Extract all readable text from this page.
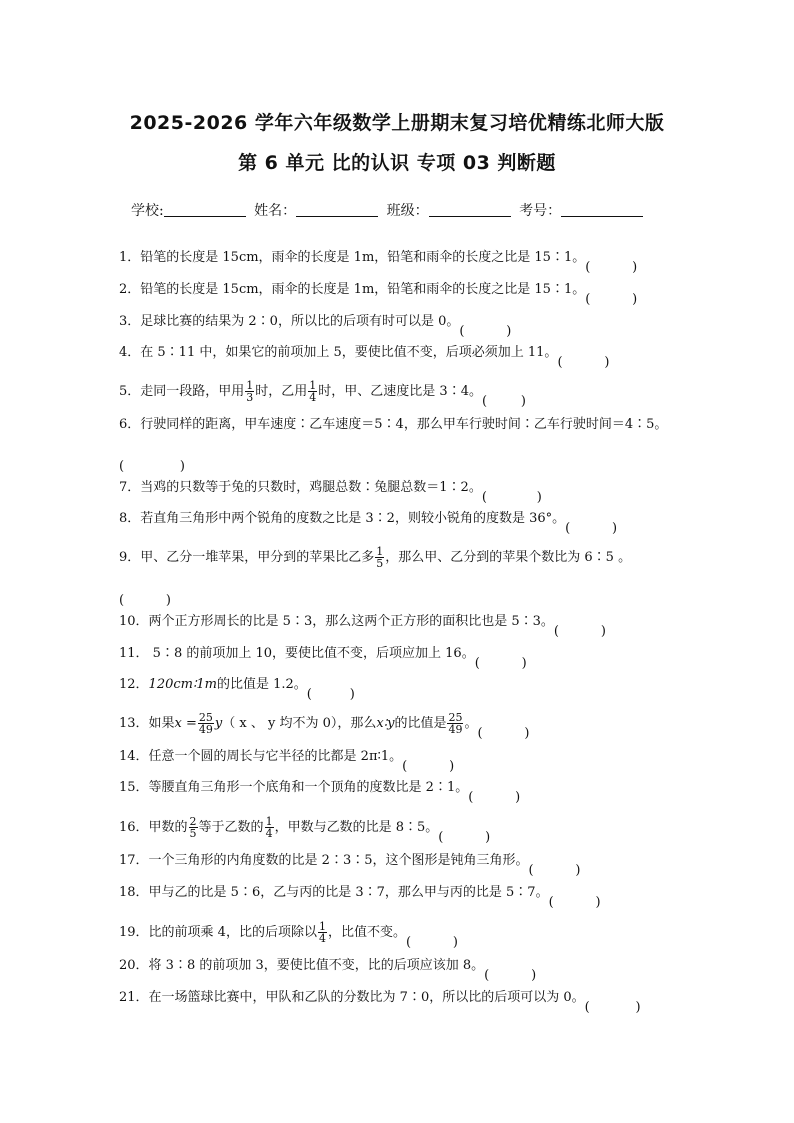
2025-2026 学年六年级数学上册期末复习培优精练北师大版
第 6 单元 比的认识 专项 03 判断题
学校:	姓名：	班级：	考号：
1．铅笔的长度是 15cm，雨伞的长度是 1m，铅笔和雨伞的长度之比是 15∶1。
2．铅笔的长度是 15cm，雨伞的长度是 1m，铅笔和雨伞的长度之比是 15∶1。
3．足球比赛的结果为 2∶0，所以比的后项有时可以是 0。
4．在 5∶11 中，如果它的前项加上 5，要使比值不变，后项必须加上 11。
5．走同一段路，甲用 $\frac{1}{3}$ 时，乙用 $\frac{1}{4}$ 时，甲、乙速度比是 3∶4。
6．行驶同样的距离，甲车速度∶乙车速度＝5∶4，那么甲车行驶时间∶乙车行驶时间＝4∶5。
7．当鸡的只数等于兔的只数时，鸡腿总数∶兔腿总数＝1∶2。
8．若直角三角形中两个锐角的度数之比是 3∶2，则较小锐角的度数是 36°。
9．甲、乙分一堆苹果，甲分到的苹果比乙多 $\frac{1}{5}$ ，那么甲、乙分到的苹果个数比为 6∶5 。
10．两个正方形周长的比是 5∶3，那么这两个正方形的面积比也是 5∶3。
11． 5∶8 的前项加上 10，要使比值不变，后项应加上 16。
12．120cm∶1m的比值是 1.2。
13．如果$x = \frac{25}{49} y$（ x 、 y 均不为 0），那么x∶y的比值是 $\frac{25}{49}$ 。
14．任意一个圆的周长与它半径的比都是 2π∶1。
15．等腰直角三角形一个底角和一个顶角的度数比是 2∶1。
16．甲数的 $\frac{2}{5}$ 等于乙数的 $\frac{1}{4}$ ，甲数与乙数的比是 8∶5。
17．一个三角形的内角度数的比是 2∶3∶5，这个图形是钝角三角形。
18．甲与乙的比是 5∶6，乙与丙的比是 3∶7，那么甲与丙的比是 5∶7。
19．比的前项乘 4，比的后项除以 $\frac{1}{4}$ ，比值不变。
20．将 3∶8 的前项加 3，要使比值不变，比的后项应该加 8。
21．在一场篮球比赛中，甲队和乙队的分数比为 7∶0，所以比的后项可以为 0。
